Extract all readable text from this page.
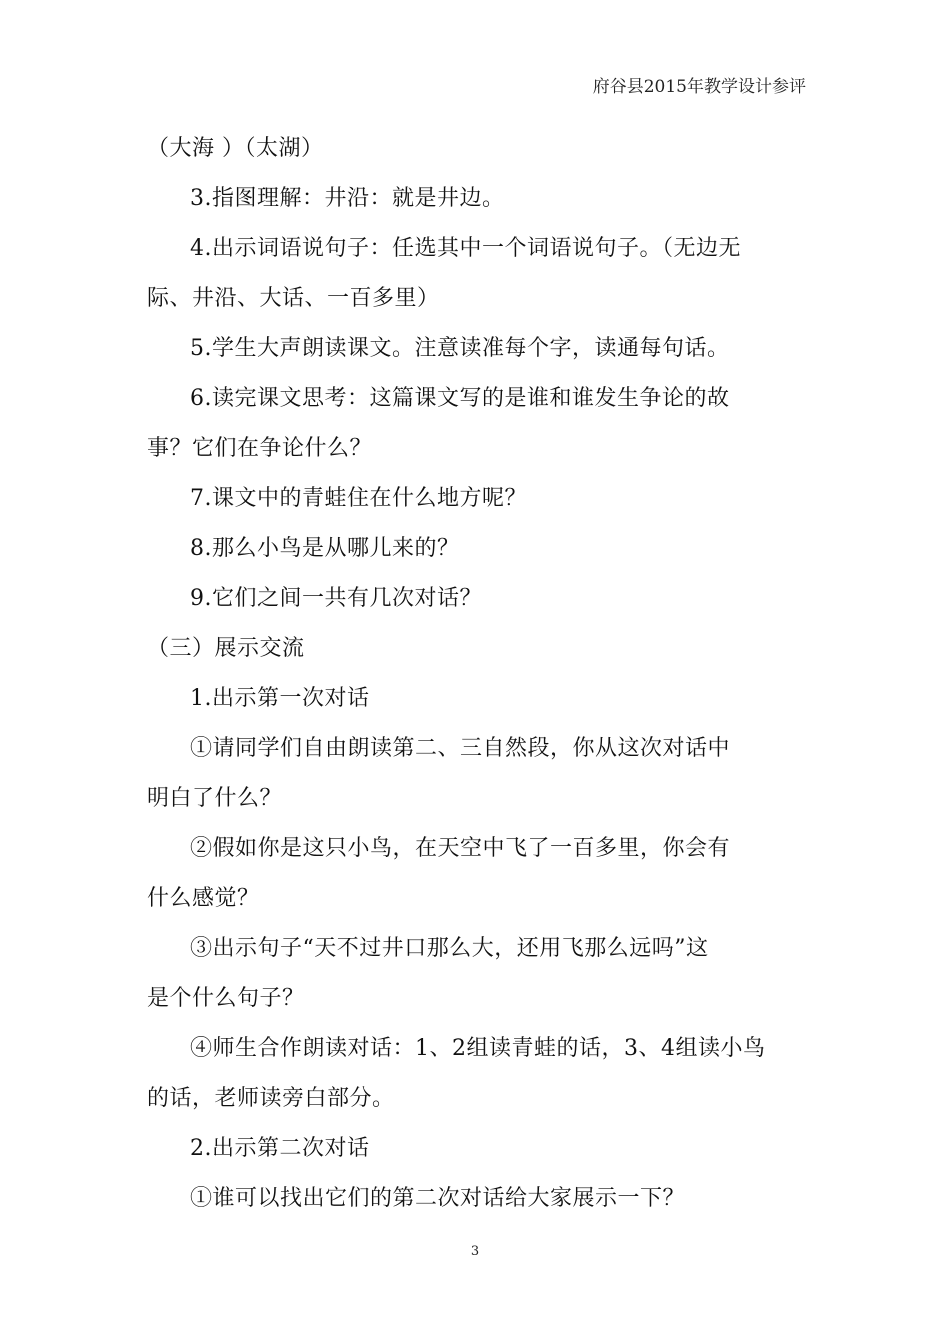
府谷县2015年教学设计参评
（大海 ）（太湖）
3.指图理解：井沿：就是井边。
4.出示词语说句子：任选其中一个词语说句子。（无边无
际、井沿、大话、一百多里）
5.学生大声朗读课文。注意读准每个字，读通每句话。
6.读完课文思考：这篇课文写的是谁和谁发生争论的故
事？它们在争论什么？
7.课文中的青蛙住在什么地方呢？
8.那么小鸟是从哪儿来的？
9.它们之间一共有几次对话？
（三）展示交流
1.出示第一次对话
①请同学们自由朗读第二、三自然段，你从这次对话中
明白了什么？
②假如你是这只小鸟，在天空中飞了一百多里，你会有
什么感觉？
③出示句子“天不过井口那么大，还用飞那么远吗”这
是个什么句子？
④师生合作朗读对话：1、2组读青蛙的话，3、4组读小鸟
的话，老师读旁白部分。
2.出示第二次对话
①谁可以找出它们的第二次对话给大家展示一下？
3
